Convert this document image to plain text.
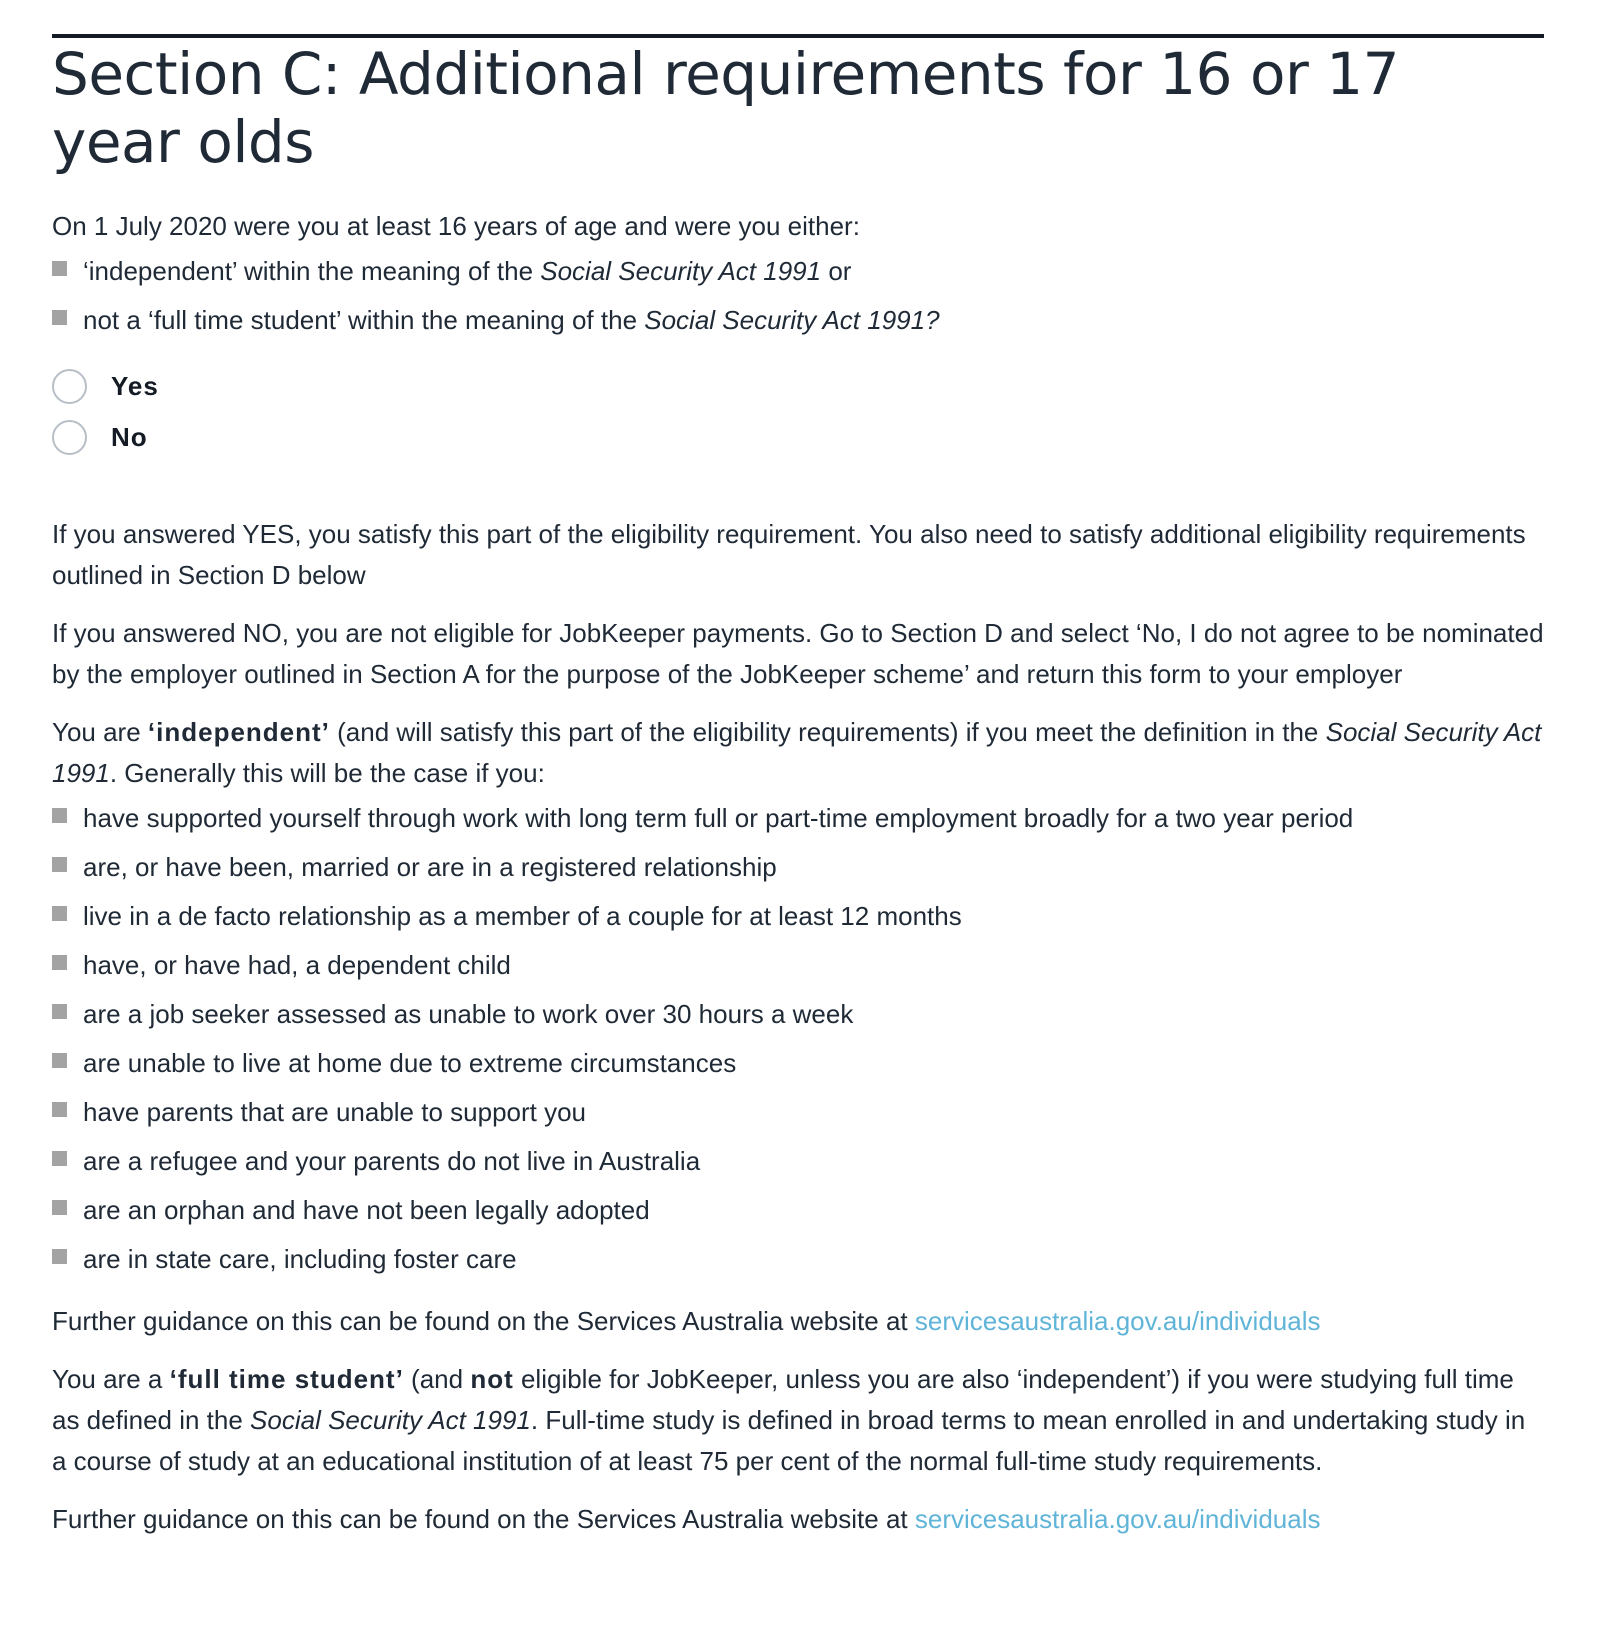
Section C: Additional requirements for 16 or 17 year olds

On 1 July 2020 were you at least 16 years of age and were you either:

‘independent’ within the meaning of the Social Security Act 1991 or
not a ‘full time student’ within the meaning of the Social Security Act 1991?
Yes
No

If you answered YES, you satisfy this part of the eligibility requirement. You also need to satisfy additional eligibility requirements outlined in Section D below

If you answered NO, you are not eligible for JobKeeper payments. Go to Section D and select ‘No, I do not agree to be nominated by the employer outlined in Section A for the purpose of the JobKeeper scheme’ and return this form to your employer

You are ‘independent’ (and will satisfy this part of the eligibility requirements) if you meet the definition in the Social Security Act 1991. Generally this will be the case if you:

have supported yourself through work with long term full or part-time employment broadly for a two year period
are, or have been, married or are in a registered relationship
live in a de facto relationship as a member of a couple for at least 12 months
have, or have had, a dependent child
are a job seeker assessed as unable to work over 30 hours a week
are unable to live at home due to extreme circumstances
have parents that are unable to support you
are a refugee and your parents do not live in Australia
are an orphan and have not been legally adopted
are in state care, including foster care

Further guidance on this can be found on the Services Australia website at servicesaustralia.gov.au/individuals

You are a ‘full time student’ (and not eligible for JobKeeper, unless you are also ‘independent’) if you were studying full time as defined in the Social Security Act 1991. Full-time study is defined in broad terms to mean enrolled in and undertaking study in a course of study at an educational institution of at least 75 per cent of the normal full-time study requirements.

Further guidance on this can be found on the Services Australia website at servicesaustralia.gov.au/individuals
